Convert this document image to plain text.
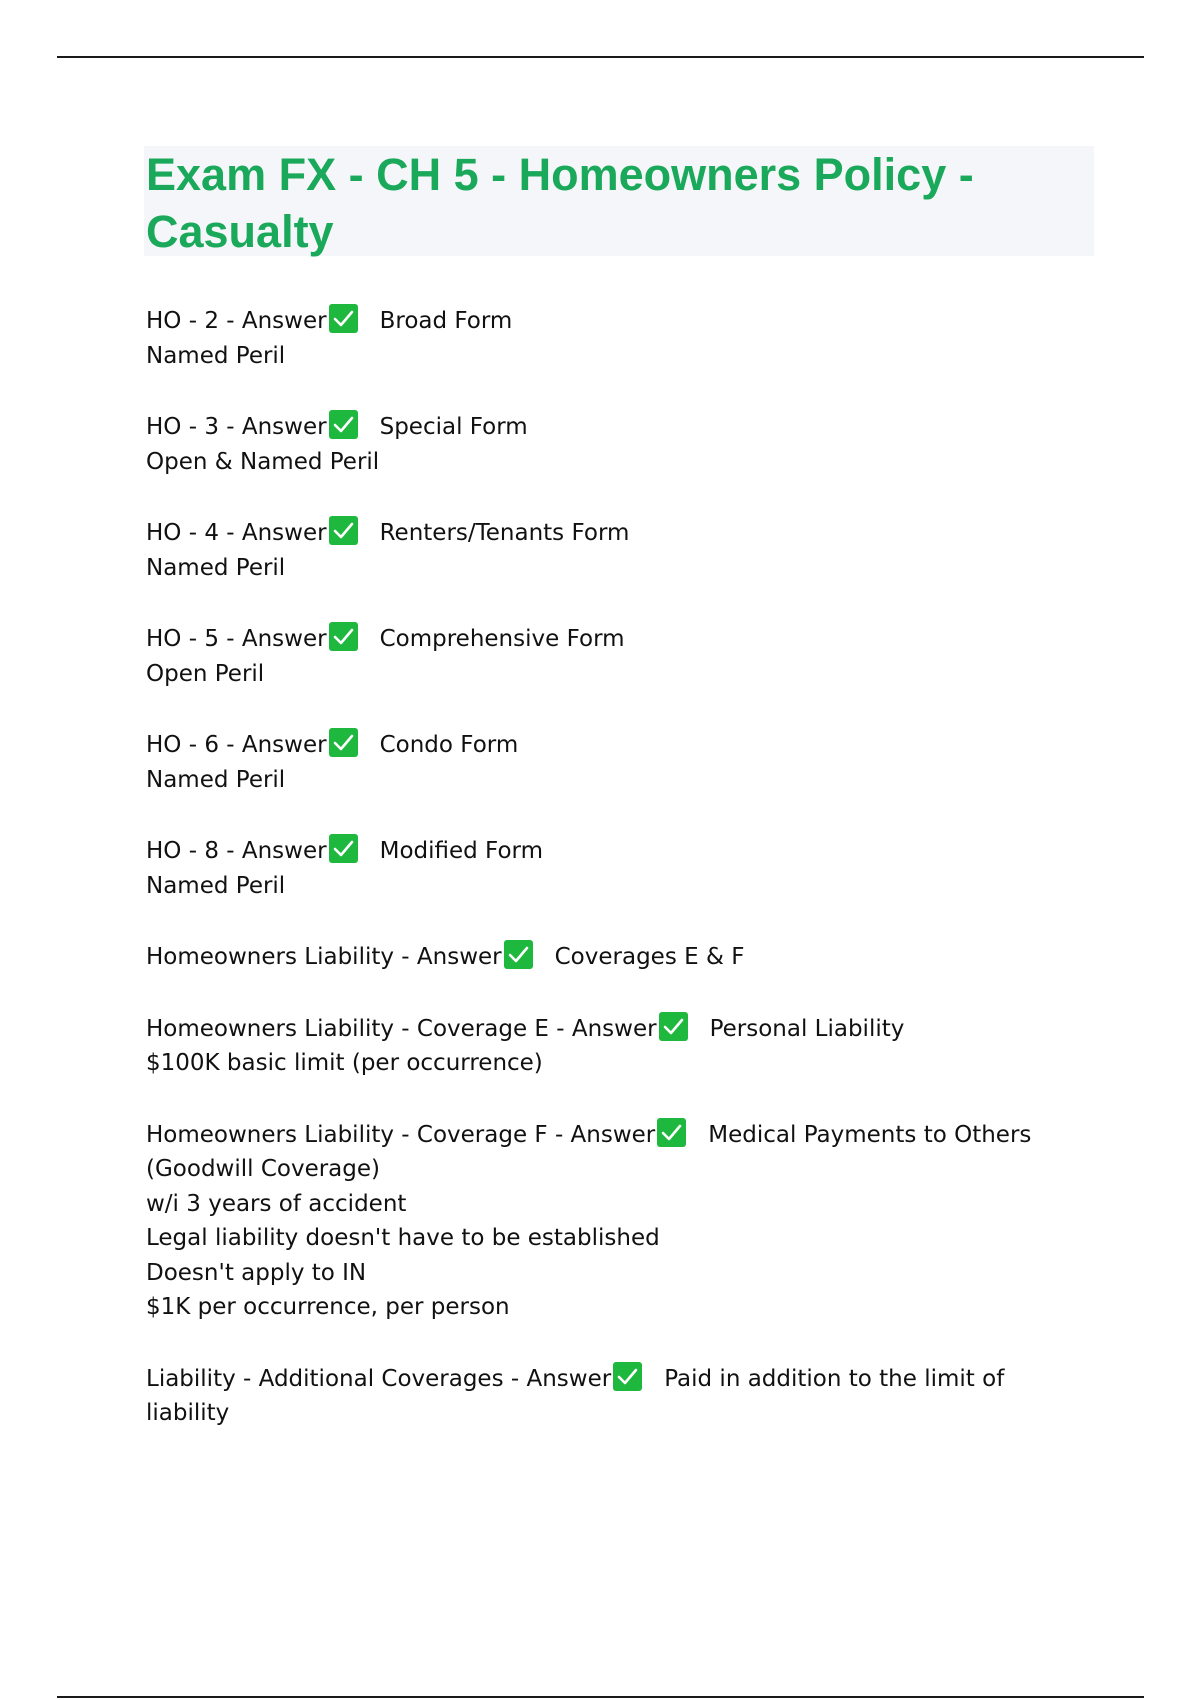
Exam FX - CH 5 - Homeowners Policy - Casualty
HO - 2 - Answer Broad Form
Named Peril
HO - 3 - Answer Special Form
Open & Named Peril
HO - 4 - Answer Renters/Tenants Form
Named Peril
HO - 5 - Answer Comprehensive Form
Open Peril
HO - 6 - Answer Condo Form
Named Peril
HO - 8 - Answer Modified Form
Named Peril
Homeowners Liability - Answer Coverages E & F
Homeowners Liability - Coverage E - Answer Personal Liability
$100K basic limit (per occurrence)
Homeowners Liability - Coverage F - Answer Medical Payments to Others
(Goodwill Coverage)
w/i 3 years of accident
Legal liability doesn't have to be established
Doesn't apply to IN
$1K per occurrence, per person
Liability - Additional Coverages - Answer Paid in addition to the limit of
liability
